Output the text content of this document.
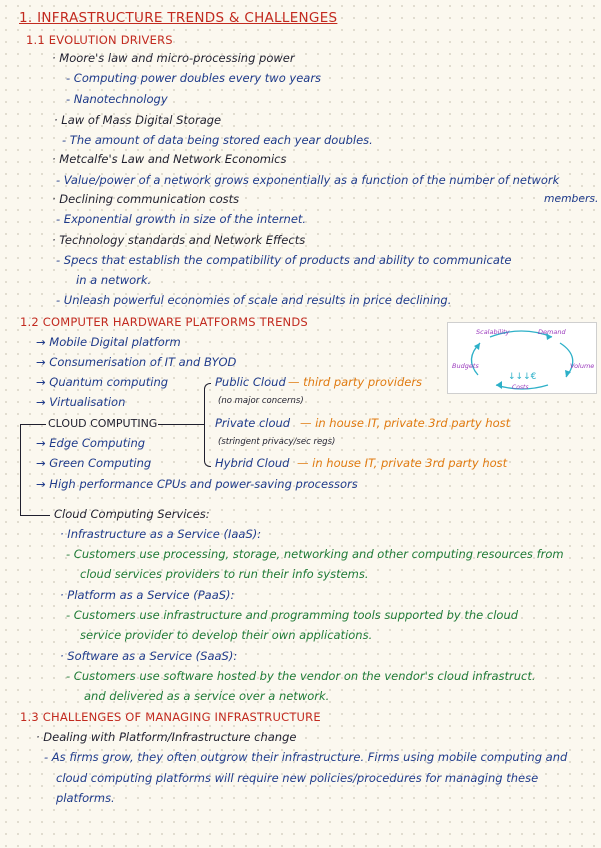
1. INFRASTRUCTURE TRENDS & CHALLENGES
1.1 EVOLUTION DRIVERS
· Moore's law and micro-processing power
- Computing power doubles every two years
- Nanotechnology
· Law of Mass Digital Storage
- The amount of data being stored each year doubles.
· Metcalfe's Law and Network Economics
- Value/power of a network grows exponentially as a function of the number of network
members.
· Declining communication costs
- Exponential growth in size of the internet.
· Technology standards and Network Effects
- Specs that establish the compatibility of products and ability to communicate
in a network.
- Unleash powerful economies of scale and results in price declining.
1.2 COMPUTER HARDWARE PLATFORMS TRENDS
→ Mobile Digital platform
→ Consumerisation of IT and BYOD
→ Quantum computing
→ Virtualisation
CLOUD COMPUTING
→ Edge Computing
→ Green Computing
→ High performance CPUs and power-saving processors
Public Cloud — third party providers
(no major concerns)
Private cloud — in house IT, private 3rd party host
(stringent privacy/sec regs)
Hybrid Cloud — in house IT, private 3rd party host
Scalability	Demand
Budgets	Volume
↓↓↓€
Costs
Cloud Computing Services:
· Infrastructure as a Service (IaaS):
- Customers use processing, storage, networking and other computing resources from
cloud services providers to run their info systems.
· Platform as a Service (PaaS):
- Customers use infrastructure and programming tools supported by the cloud
service provider to develop their own applications.
· Software as a Service (SaaS):
- Customers use software hosted by the vendor on the vendor's cloud infrastruct.
and delivered as a service over a network.
1.3 CHALLENGES OF MANAGING INFRASTRUCTURE
· Dealing with Platform/Infrastructure change
- As firms grow, they often outgrow their infrastructure. Firms using mobile computing and
cloud computing platforms will require new policies/procedures for managing these
platforms.
